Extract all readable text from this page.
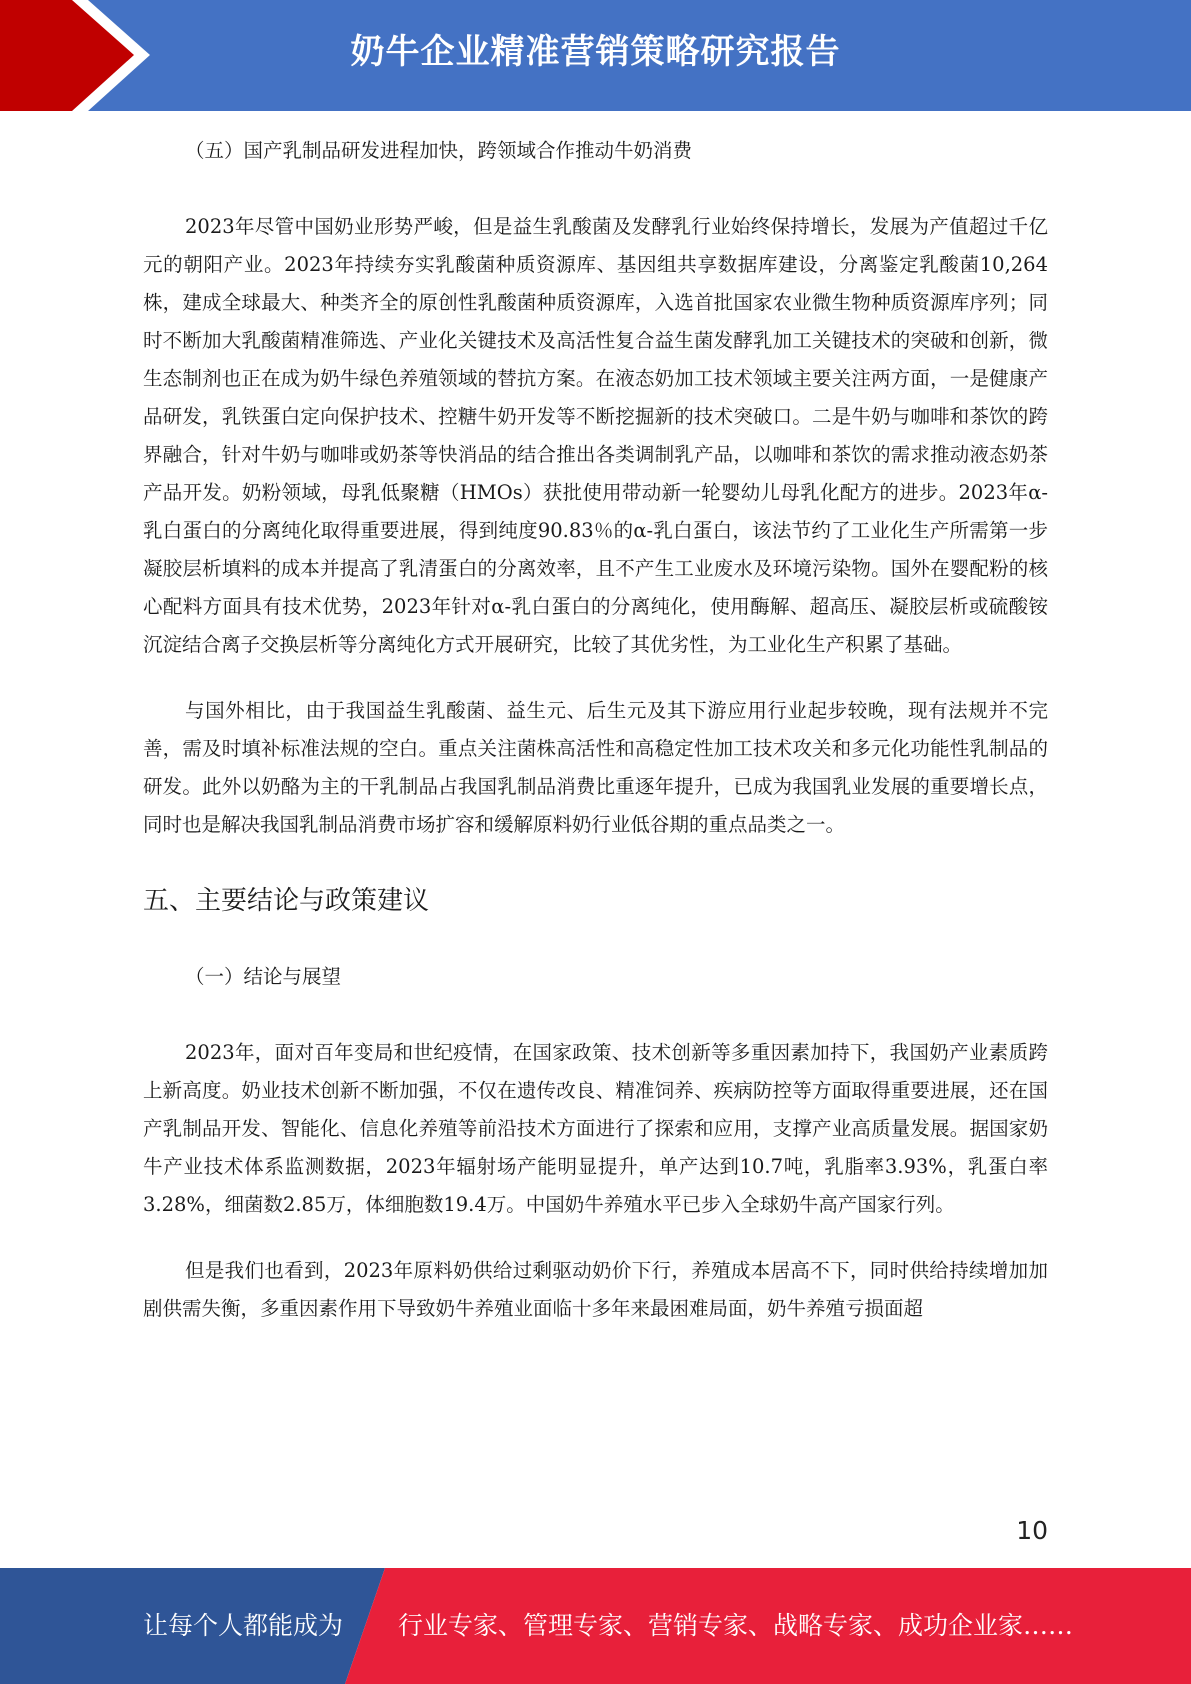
奶牛企业精准营销策略研究报告

（五）国产乳制品研发进程加快，跨领域合作推动牛奶消费

2023年尽管中国奶业形势严峻，但是益生乳酸菌及发酵乳行业始终保持增长，发展为产值超过千亿元的朝阳产业。2023年持续夯实乳酸菌种质资源库、基因组共享数据库建设，分离鉴定乳酸菌10,264株，建成全球最大、种类齐全的原创性乳酸菌种质资源库，入选首批国家农业微生物种质资源库序列；同时不断加大乳酸菌精准筛选、产业化关键技术及高活性复合益生菌发酵乳加工关键技术的突破和创新，微生态制剂也正在成为奶牛绿色养殖领域的替抗方案。在液态奶加工技术领域主要关注两方面，一是健康产品研发，乳铁蛋白定向保护技术、控糖牛奶开发等不断挖掘新的技术突破口。二是牛奶与咖啡和茶饮的跨界融合，针对牛奶与咖啡或奶茶等快消品的结合推出各类调制乳产品，以咖啡和茶饮的需求推动液态奶茶产品开发。奶粉领域，母乳低聚糖（HMOs）获批使用带动新一轮婴幼儿母乳化配方的进步。2023年α-乳白蛋白的分离纯化取得重要进展，得到纯度90.83％的α-乳白蛋白，该法节约了工业化生产所需第一步凝胶层析填料的成本并提高了乳清蛋白的分离效率，且不产生工业废水及环境污染物。国外在婴配粉的核心配料方面具有技术优势，2023年针对α-乳白蛋白的分离纯化，使用酶解、超高压、凝胶层析或硫酸铵沉淀结合离子交换层析等分离纯化方式开展研究，比较了其优劣性，为工业化生产积累了基础。

与国外相比，由于我国益生乳酸菌、益生元、后生元及其下游应用行业起步较晚，现有法规并不完善，需及时填补标准法规的空白。重点关注菌株高活性和高稳定性加工技术攻关和多元化功能性乳制品的研发。此外以奶酪为主的干乳制品占我国乳制品消费比重逐年提升，已成为我国乳业发展的重要增长点，同时也是解决我国乳制品消费市场扩容和缓解原料奶行业低谷期的重点品类之一。

五、主要结论与政策建议

（一）结论与展望

2023年，面对百年变局和世纪疫情，在国家政策、技术创新等多重因素加持下，我国奶产业素质跨上新高度。奶业技术创新不断加强，不仅在遗传改良、精准饲养、疾病防控等方面取得重要进展，还在国产乳制品开发、智能化、信息化养殖等前沿技术方面进行了探索和应用，支撑产业高质量发展。据国家奶牛产业技术体系监测数据，2023年辐射场产能明显提升，单产达到10.7吨，乳脂率3.93%，乳蛋白率3.28%，细菌数2.85万，体细胞数19.4万。中国奶牛养殖水平已步入全球奶牛高产国家行列。

但是我们也看到，2023年原料奶供给过剩驱动奶价下行，养殖成本居高不下，同时供给持续增加加剧供需失衡，多重因素作用下导致奶牛养殖业面临十多年来最困难局面，奶牛养殖亏损面超

10
让每个人都能成为 行业专家、管理专家、营销专家、战略专家、成功企业家……
